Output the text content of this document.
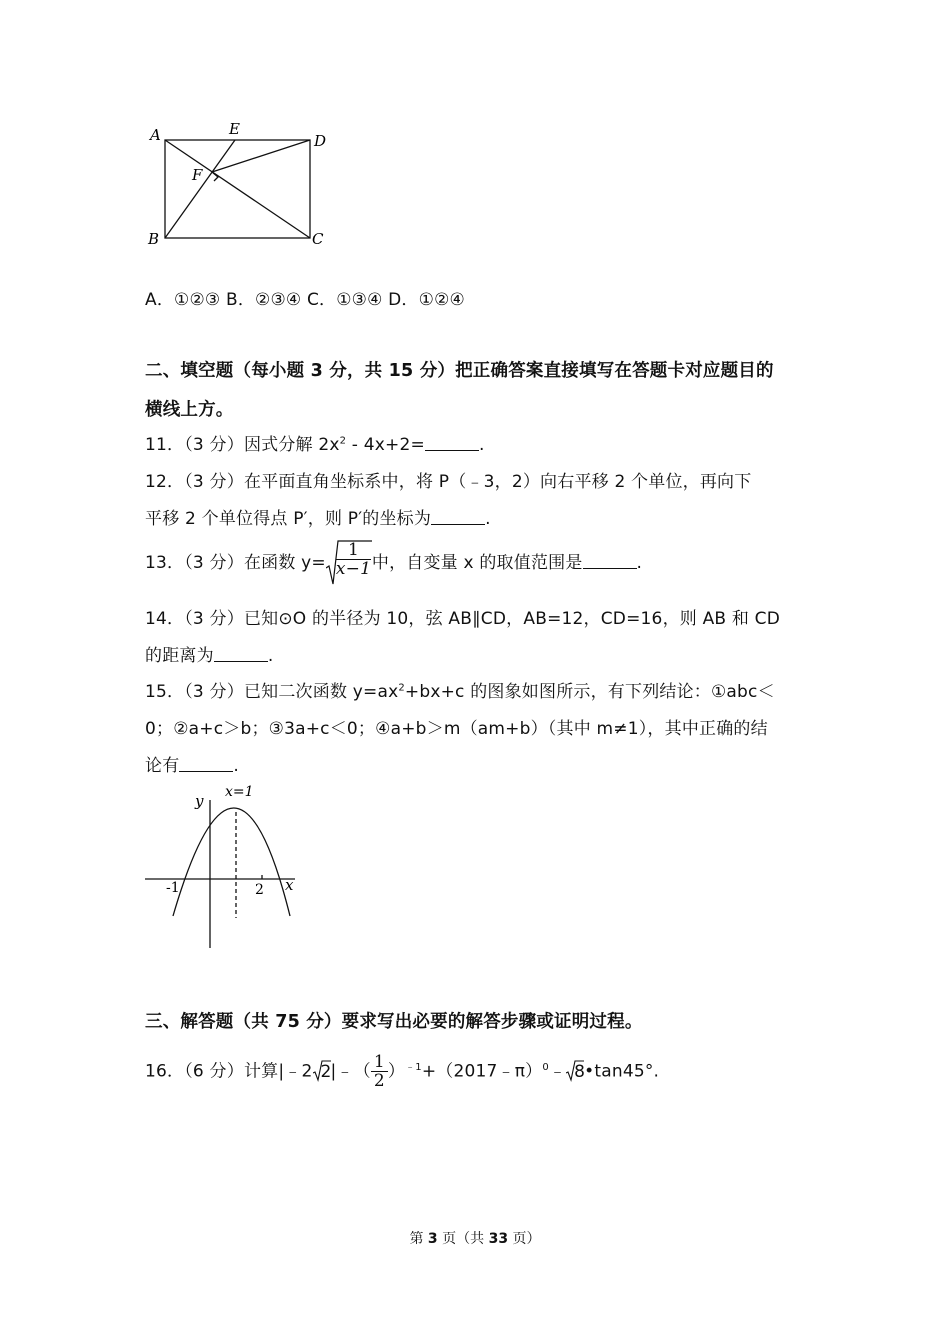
A	E
D
F
B	C
A．①②③ B．②③④ C．①③④ D．①②④
二、填空题（每小题 3 分，共 15 分）把正确答案直接填写在答题卡对应题目的
横线上方。
11．（3 分）因式分解 $2x^2 - 4x+2=$	.
12．（3 分）在平面直角坐标系中，将 P（﹣3，2）向右平移 2 个单位，再向下
平移 2 个单位得点 P′，则 P′的坐标为	.
13．（3 分）在函数 $y= \frac{1}{x-1}$ 中，自变量 x 的取值范围是	.
14．（3 分）已知⊙O 的半径为 10，弦 AB∥CD，AB=12，CD=16，则 AB 和 CD
的距离为	.
15．（3 分）已知二次函数 $y=ax^2+bx+c$ 的图象如图所示，有下列结论：①abc＜
0；②a+c＞b；③3a+c＜0；④a+b＞m（am+b）（其中 m≠1），其中正确的结
论有	.
x=1
y
x
-1	2
三、解答题（共 75 分）要求写出必要的解答步骤或证明过程。
16．（6 分）计算|﹣2 2
|﹣（ $\frac{1}{2}$ ）$^{﹣1}$+（2017﹣π）$^0$﹣ 8
•tan45°.
第 3 页（共 33 页）
